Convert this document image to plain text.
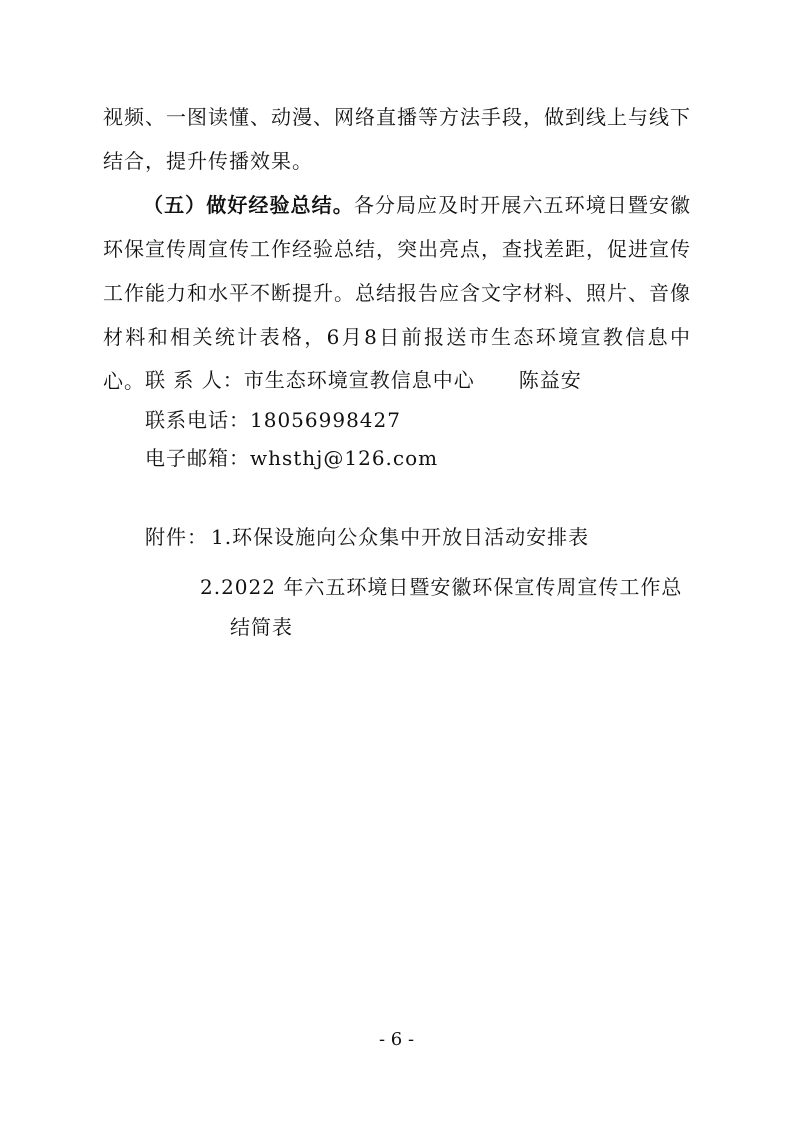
视频、一图读懂、动漫、网络直播等方法手段，做到线上与线下结合，提升传播效果。

（五）做好经验总结。各分局应及时开展六五环境日暨安徽环保宣传周宣传工作经验总结，突出亮点，查找差距，促进宣传工作能力和水平不断提升。总结报告应含文字材料、照片、音像材料和相关统计表格，6月8日前报送市生态环境宣教信息中心。 联 系 人：市生态环境宣教信息中心 陈益安
联系电话：18056998427
电子邮箱：whsthj@126.com
附件： 1.环保设施向公众集中开放日活动安排表
2.2022 年六五环境日暨安徽环保宣传周宣传工作总
结简表
- 6 -
